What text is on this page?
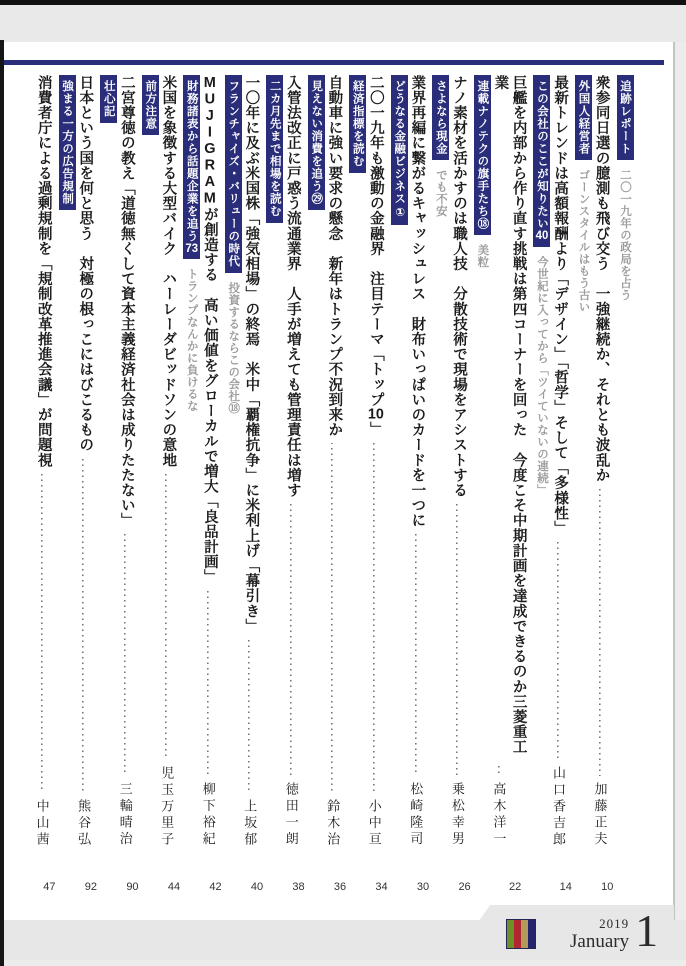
追跡レポート二〇一九年の政局を占う
衆参同日選の臆測も飛び交う　一強継続か、それとも波乱か
加藤正夫
10
外国人経営者ゴーンスタイルはもう古い
最新トレンドは高額報酬より「デザイン」「哲学」そして「多様性」
山口香吉郎
14
この会社のここが知りたい40今世紀に入ってから「ツイていないの連続」
巨艦を内部から作り直す挑戦は第四コーナーを回った　今度こそ中期計画を達成できるのか三菱重工業
高木洋一
22
連載ナノテクの旗手たち⑱美粒
ナノ素材を活かすのは職人技　分散技術で現場をアシストする
乗松幸男
26
さよなら現金でも不安
業界再編に繋がるキャッシュレス　財布いっぱいのカードを一つに
松崎隆司
30
どうなる金融ビジネス①
二〇一九年も激動の金融界　注目テーマ「トップ10」
小中亘
34
経済指標を読む
自動車に強い要求の懸念　新年はトランプ不況到来か
鈴木治
36
見えない消費を追う㉙
入管法改正に戸惑う流通業界　人手が増えても管理責任は増す
徳田一朗
38
二カ月先まで相場を読む
一〇年に及ぶ米国株「強気相場」の終焉　米中「覇権抗争」に米利上げ「幕引き」
上坂郁
40
フランチャイズ・バリューの時代投資するならこの会社⑱
MUJIGRAMが創造する　高い価値をグローカルで増大「良品計画」
柳下裕紀
42
財務諸表から話題企業を追う73トランプなんかに負けるな
米国を象徴する大型バイク　ハーレーダビッドソンの意地
児玉万里子
44
前方注意
二宮尊徳の教え「道徳無くして資本主義経済社会は成りたたない」
三輪晴治
90
壮心記
日本という国を何と思う　対極の根っこにはびこるもの
熊谷弘
92
強まる一方の広告規制
消費者庁による過剰規制を「規制改革推進会議」が問題視
中山茜
47
2019
January 1
